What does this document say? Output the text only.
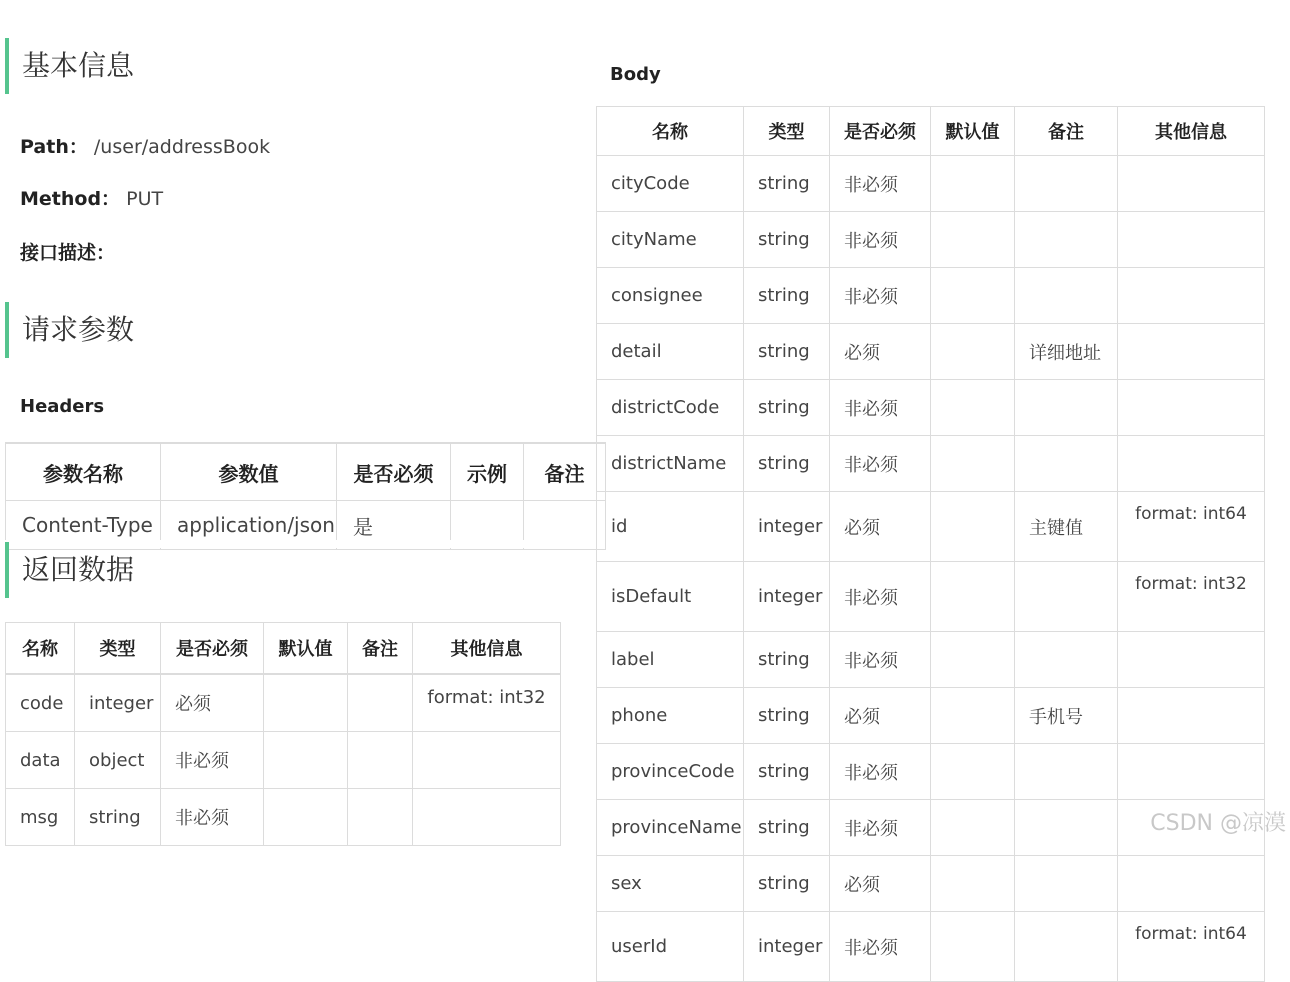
基本信息
Path： /user/addressBook
Method： PUT
接口描述：
请求参数
Headers
参数名称	参数值	是否必须	示例	备注
Content-Type	application/json	是		
返回数据
名称	类型	是否必须	默认值	备注	其他信息
code	integer	必须			format: int32
data	object	非必须			
msg	string	非必须			
Body
名称	类型	是否必须	默认值	备注	其他信息
cityCode	string	非必须			
cityName	string	非必须			
consignee	string	非必须			
detail	string	必须		详细地址	
districtCode	string	非必须			
districtName	string	非必须			
id	integer	必须		主键值	format: int64
isDefault	integer	非必须			format: int32
label	string	非必须			
phone	string	必须		手机号	
provinceCode	string	非必须			
provinceName	string	非必须			
sex	string	必须			
userId	integer	非必须			format: int64
CSDN @凉漠
